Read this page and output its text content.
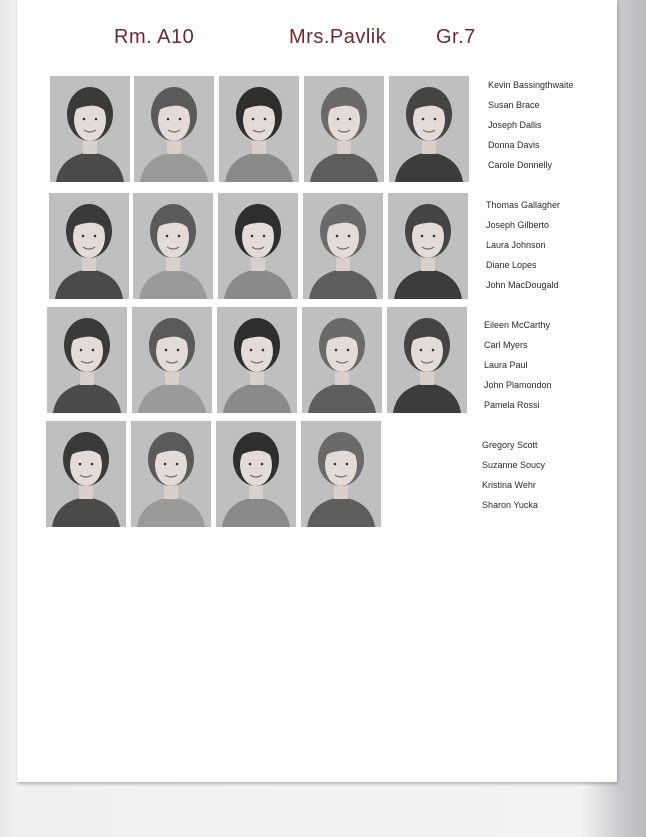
Rm. A10	Mrs.Pavlik Gr.7
Kevin Bassingthwaite
Susan Brace
Joseph Dallis
Donna Davis
Carole Donnelly
Thomas Gallagher
Joseph Gilberto
Laura Johnson
Diane Lopes
John MacDougald
Eileen McCarthy
Carl Myers
Laura Paul
John Plamondon
Pamela Rossi
Gregory Scott
Suzanne Soucy
Kristina Wehr
Sharon Yucka
